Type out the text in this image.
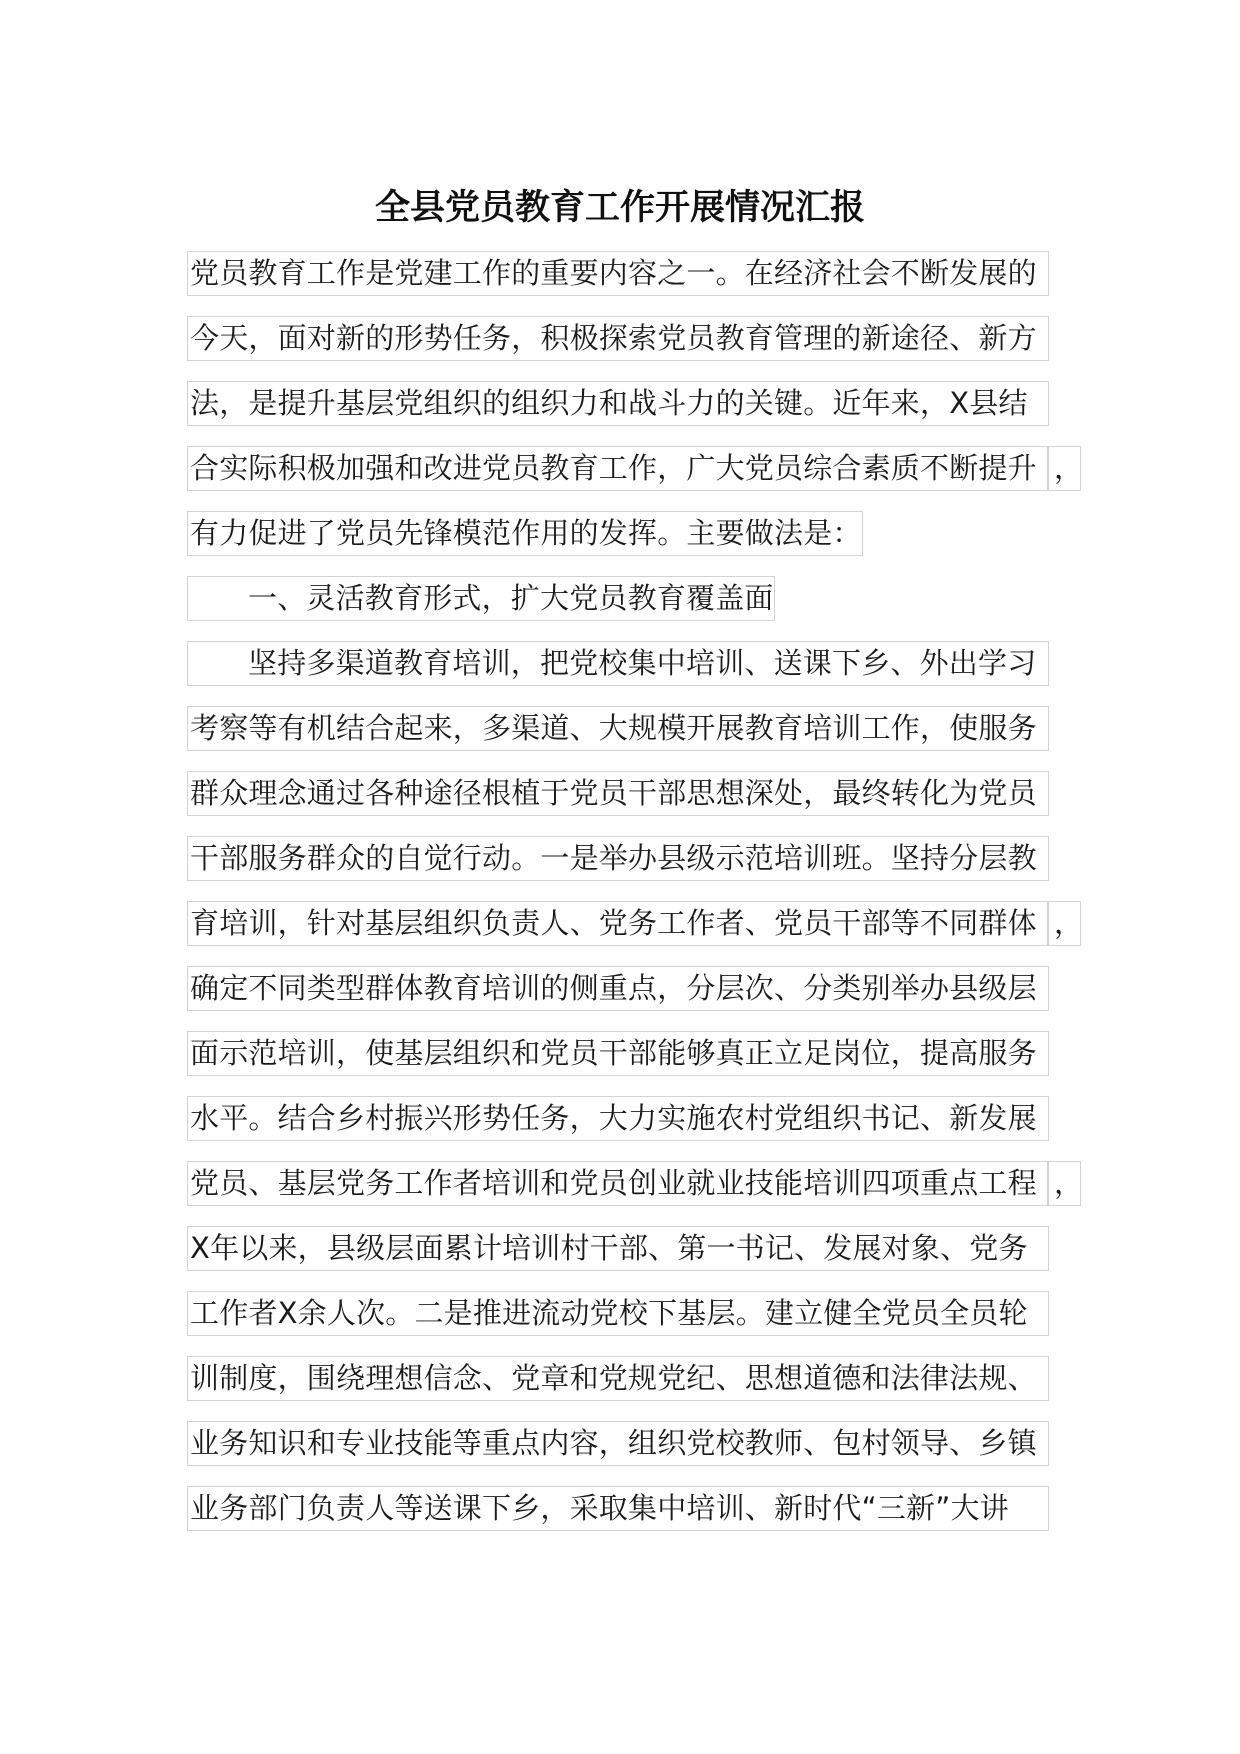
全县党员教育工作开展情况汇报
党员教育工作是党建工作的重要内容之一。在经济社会不断发展的
今天，面对新的形势任务，积极探索党员教育管理的新途径、新方
法，是提升基层党组织的组织力和战斗力的关键。近年来，X县结
合实际积极加强和改进党员教育工作，广大党员综合素质不断提升 ，
有力促进了党员先锋模范作用的发挥。主要做法是：
一、灵活教育形式，扩大党员教育覆盖面
坚持多渠道教育培训，把党校集中培训、送课下乡、外出学习
考察等有机结合起来，多渠道、大规模开展教育培训工作，使服务
群众理念通过各种途径根植于党员干部思想深处，最终转化为党员
干部服务群众的自觉行动。一是举办县级示范培训班。坚持分层教
育培训，针对基层组织负责人、党务工作者、党员干部等不同群体 ，
确定不同类型群体教育培训的侧重点，分层次、分类别举办县级层
面示范培训，使基层组织和党员干部能够真正立足岗位，提高服务
水平。结合乡村振兴形势任务，大力实施农村党组织书记、新发展
党员、基层党务工作者培训和党员创业就业技能培训四项重点工程 ，
X年以来，县级层面累计培训村干部、第一书记、发展对象、党务
工作者X余人次。二是推进流动党校下基层。建立健全党员全员轮
训制度，围绕理想信念、党章和党规党纪、思想道德和法律法规、
业务知识和专业技能等重点内容，组织党校教师、包村领导、乡镇
业务部门负责人等送课下乡，采取集中培训、新时代“三新”大讲
